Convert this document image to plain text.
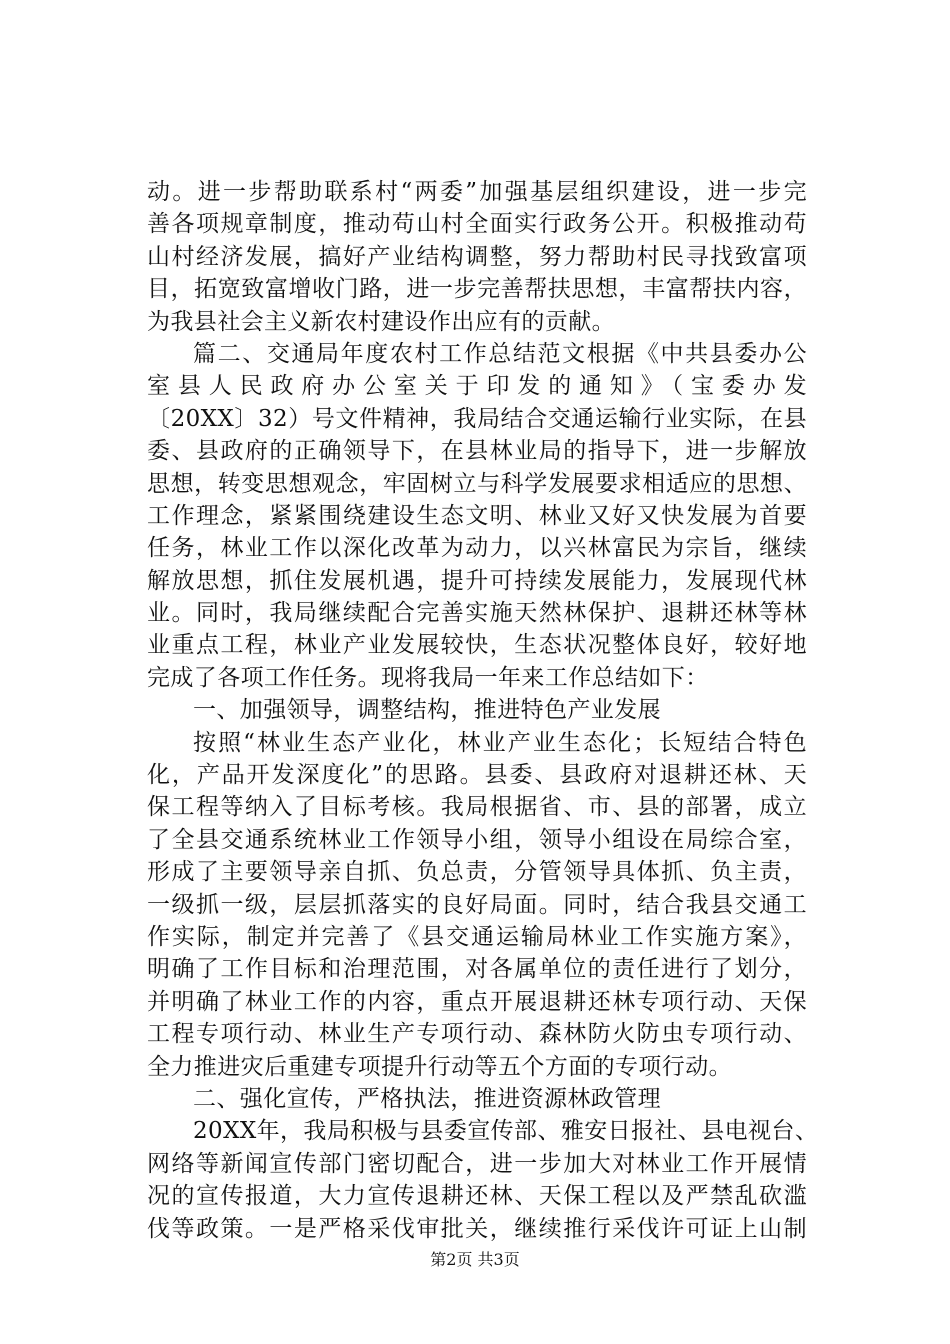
动。进一步帮助联系村“两委”加强基层组织建设，进一步完
善各项规章制度，推动苟山村全面实行政务公开。积极推动苟
山村经济发展，搞好产业结构调整，努力帮助村民寻找致富项
目，拓宽致富增收门路，进一步完善帮扶思想，丰富帮扶内容，
为我县社会主义新农村建设作出应有的贡献。
篇二、交通局年度农村工作总结范文根据《中共县委办公
室县人民政府办公室关于印发的通知》（宝委办发
〔20XX〕32）号文件精神，我局结合交通运输行业实际，在县
委、县政府的正确领导下，在县林业局的指导下，进一步解放
思想，转变思想观念，牢固树立与科学发展要求相适应的思想、
工作理念，紧紧围绕建设生态文明、林业又好又快发展为首要
任务，林业工作以深化改革为动力，以兴林富民为宗旨，继续
解放思想，抓住发展机遇，提升可持续发展能力，发展现代林
业。同时，我局继续配合完善实施天然林保护、退耕还林等林
业重点工程，林业产业发展较快，生态状况整体良好，较好地
完成了各项工作任务。现将我局一年来工作总结如下：
一、加强领导，调整结构，推进特色产业发展
按照“林业生态产业化，林业产业生态化；长短结合特色
化，产品开发深度化”的思路。县委、县政府对退耕还林、天
保工程等纳入了目标考核。我局根据省、市、县的部署，成立
了全县交通系统林业工作领导小组，领导小组设在局综合室，
形成了主要领导亲自抓、负总责，分管领导具体抓、负主责，
一级抓一级，层层抓落实的良好局面。同时，结合我县交通工
作实际，制定并完善了《县交通运输局林业工作实施方案》，
明确了工作目标和治理范围，对各属单位的责任进行了划分，
并明确了林业工作的内容，重点开展退耕还林专项行动、天保
工程专项行动、林业生产专项行动、森林防火防虫专项行动、
全力推进灾后重建专项提升行动等五个方面的专项行动。
二、强化宣传，严格执法，推进资源林政管理
20XX年，我局积极与县委宣传部、雅安日报社、县电视台、
网络等新闻宣传部门密切配合，进一步加大对林业工作开展情
况的宣传报道，大力宣传退耕还林、天保工程以及严禁乱砍滥
伐等政策。一是严格采伐审批关，继续推行采伐许可证上山制
第2页 共3页
